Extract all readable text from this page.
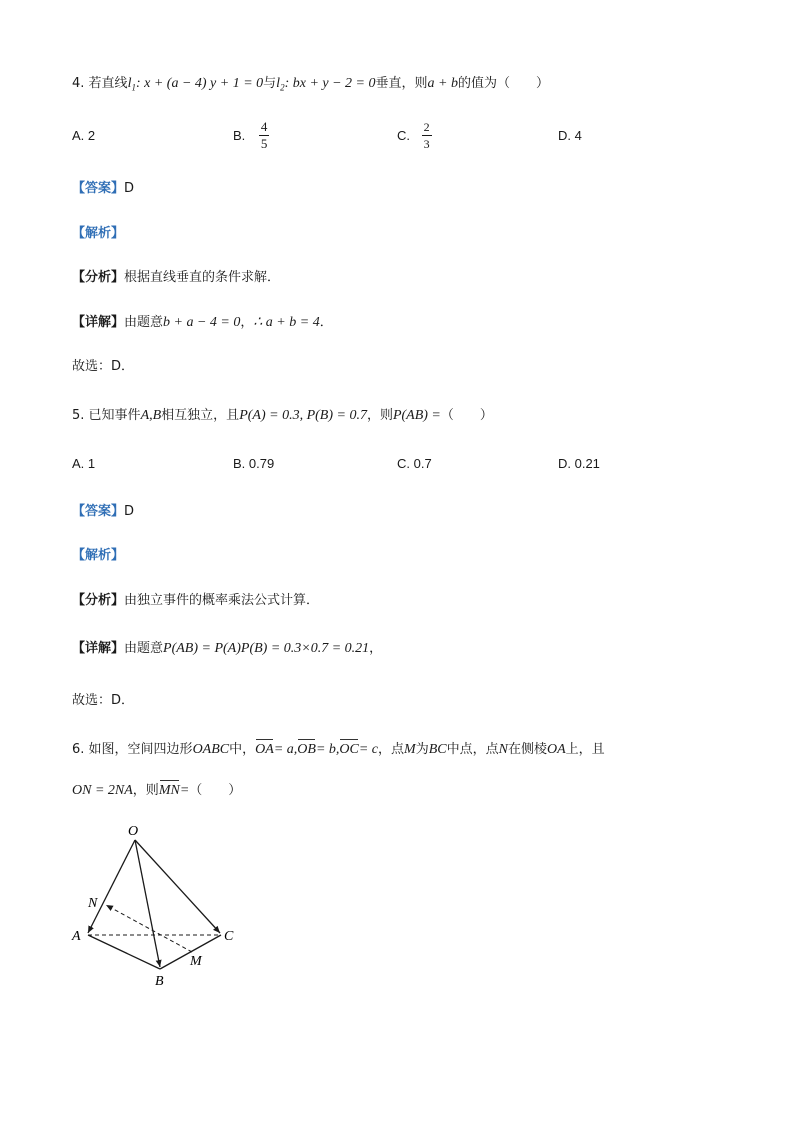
4. 若直线$l_1$: x + (a − 4) y + 1 = 0与$l_2$: bx + y − 2 = 0垂直，则a + b的值为（　　）
A. 2	B. $\frac{4}{5}$	C. $\frac{2}{3}$	D. 4
【答案】D
【解析】
【分析】根据直线垂直的条件求解．
【详解】由题意b + a − 4 = 0，∴ a + b = 4．
故选：D．
5. 已知事件A,B相互独立，且P(A) = 0.3, P(B) = 0.7，则P(AB) =（　　）
A. 1	B. 0.79	C. 0.7	D. 0.21
【答案】D
【解析】
【分析】由独立事件的概率乘法公式计算．
【详解】由题意P(AB) = P(A)P(B) = 0.3×0.7 = 0.21，
故选：D．
6. 如图，空间四边形OABC中，OA= a,OB= b,OC= c，点M为BC中点，点N在侧棱OA上，且
ON = 2NA，则MN=（　　）
O
N
A	C
M
B
